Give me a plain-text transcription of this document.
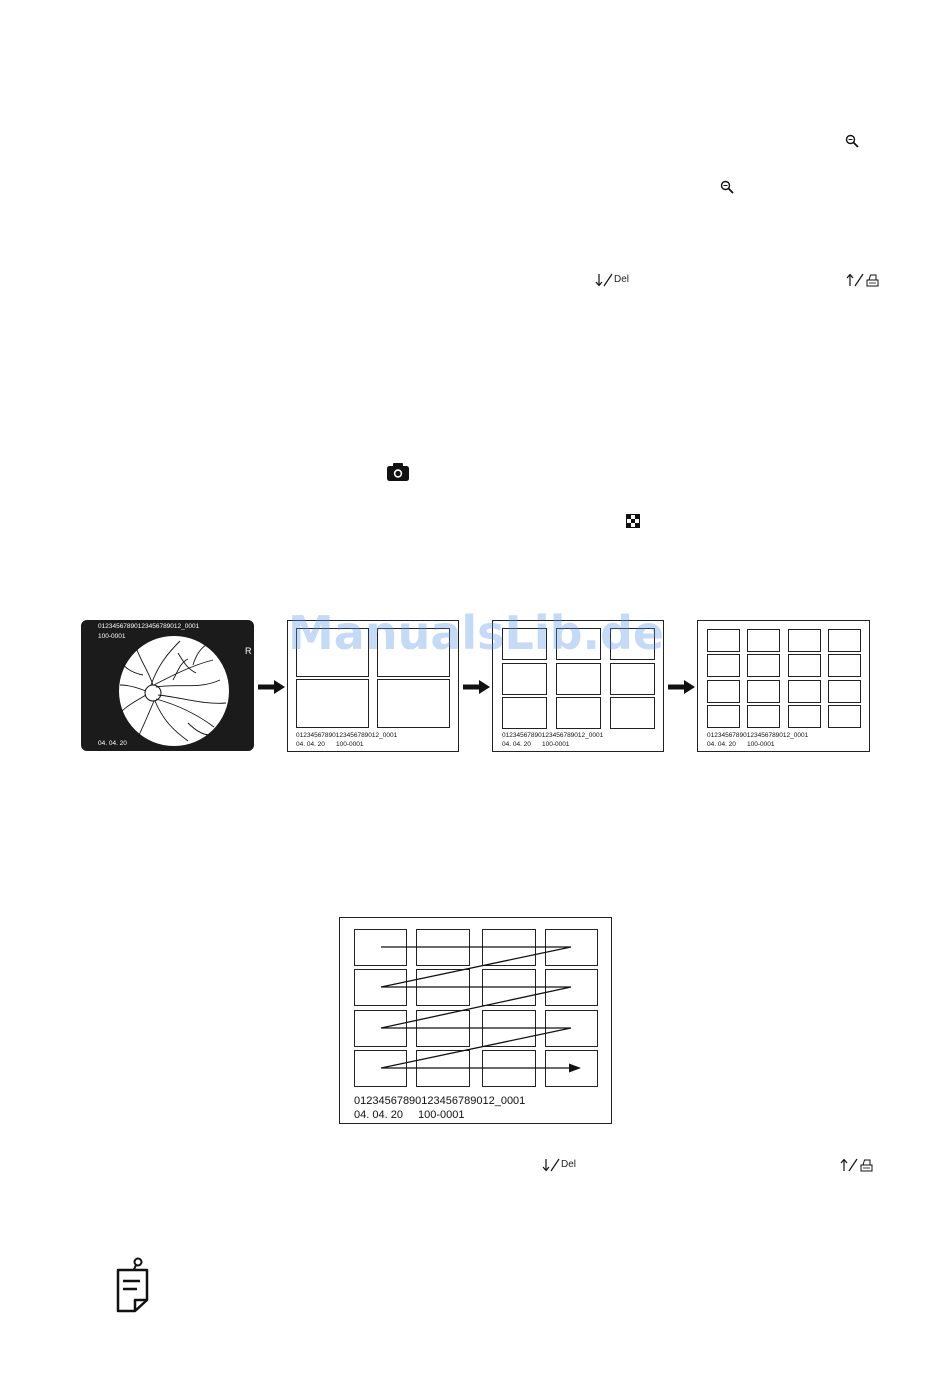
Del
01234567890123456789012_0001
100-0001
R
04. 04. 20
01234567890123456789012_0001
04. 04. 20 100-0001
01234567890123456789012_0001
04. 04. 20 100-0001
01234567890123456789012_0001
04. 04. 20 100-0001
ManualsLib.de
01234567890123456789012_0001
04. 04. 20 100-0001
Del
